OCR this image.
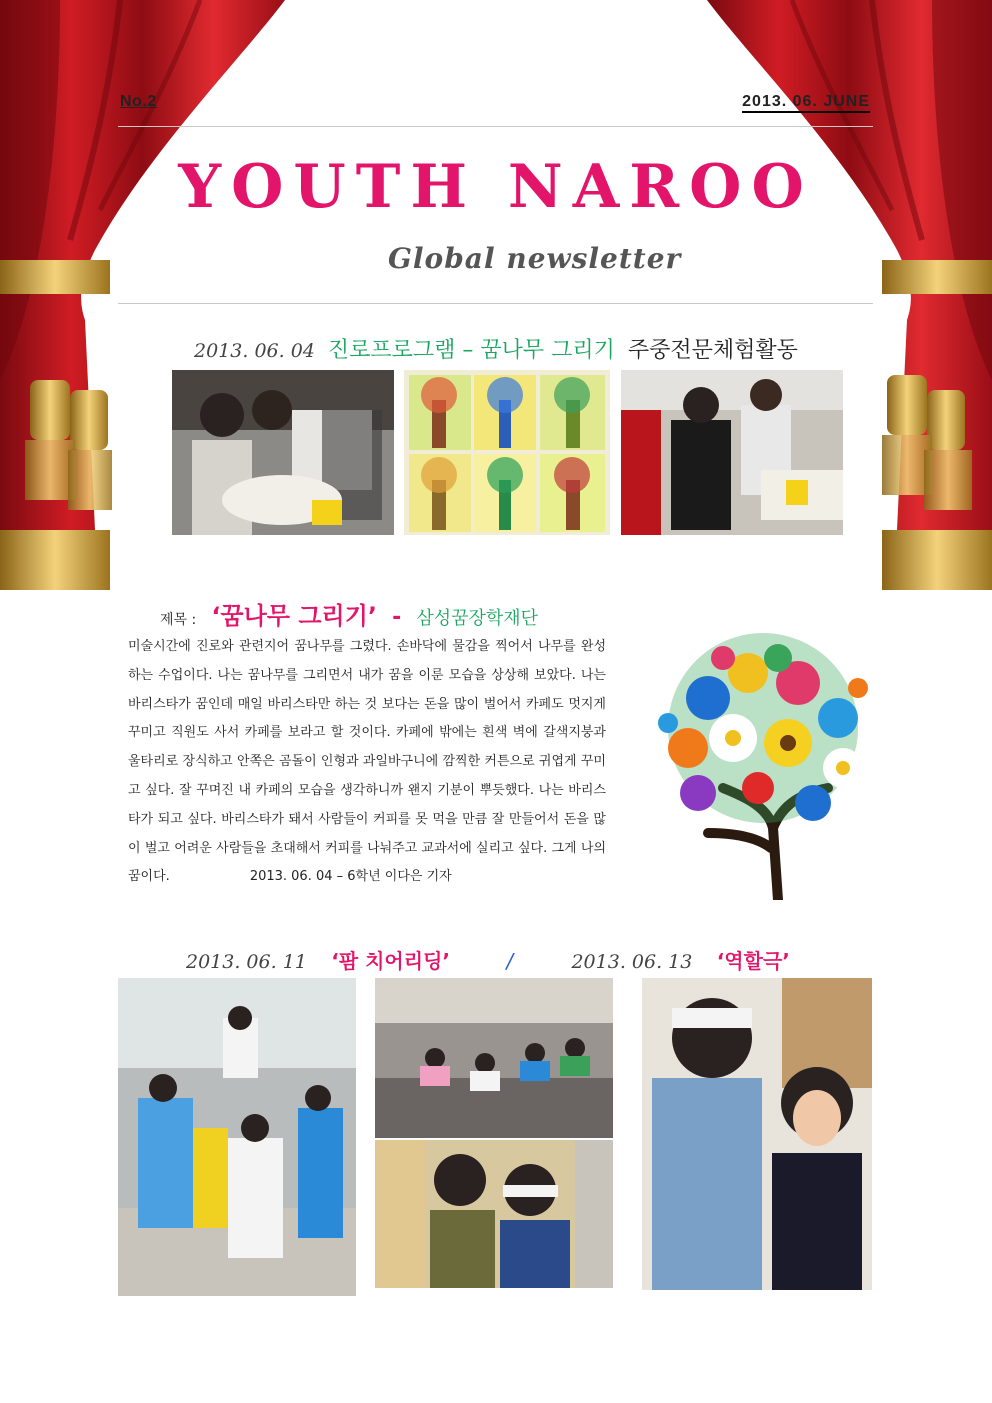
No.2	2013. 06. JUNE
YOUTH NAROO
Global newsletter
2013. 06. 04 진로프로그램 – 꿈나무 그리기 주중전문체험활동
제목 : ‘꿈나무 그리기’ - 삼성꿈장학재단
미술시간에 진로와 관련지어 꿈나무를 그렸다. 손바닥에 물감을 찍어서 나무를 완성하는 수업이다. 나는 꿈나무를 그리면서 내가 꿈을 이룬 모습을 상상해 보았다. 나는 바리스타가 꿈인데 매일 바리스타만 하는 것 보다는 돈을 많이 벌어서 카페도 멋지게 꾸미고 직원도 사서 카페를 보라고 할 것이다. 카페에 밖에는 흰색 벽에 갈색지붕과 울타리로 장식하고 안쪽은 곰돌이 인형과 과일바구니에 깜찍한 커튼으로 귀엽게 꾸미고 싶다. 잘 꾸며진 내 카페의 모습을 생각하니까 왠지 기분이 뿌듯했다. 나는 바리스타가 되고 싶다. 바리스타가 돼서 사람들이 커피를 못 먹을 만큼 잘 만들어서 돈을 많이 벌고 어려운 사람들을 초대해서 커피를 나눠주고 교과서에 실리고 싶다. 그게 나의 꿈이다.	2013. 06. 04 – 6학년 이다은 기자
2013. 06. 11 ‘팜 치어리딩’	/	2013. 06. 13 ‘역할극’
